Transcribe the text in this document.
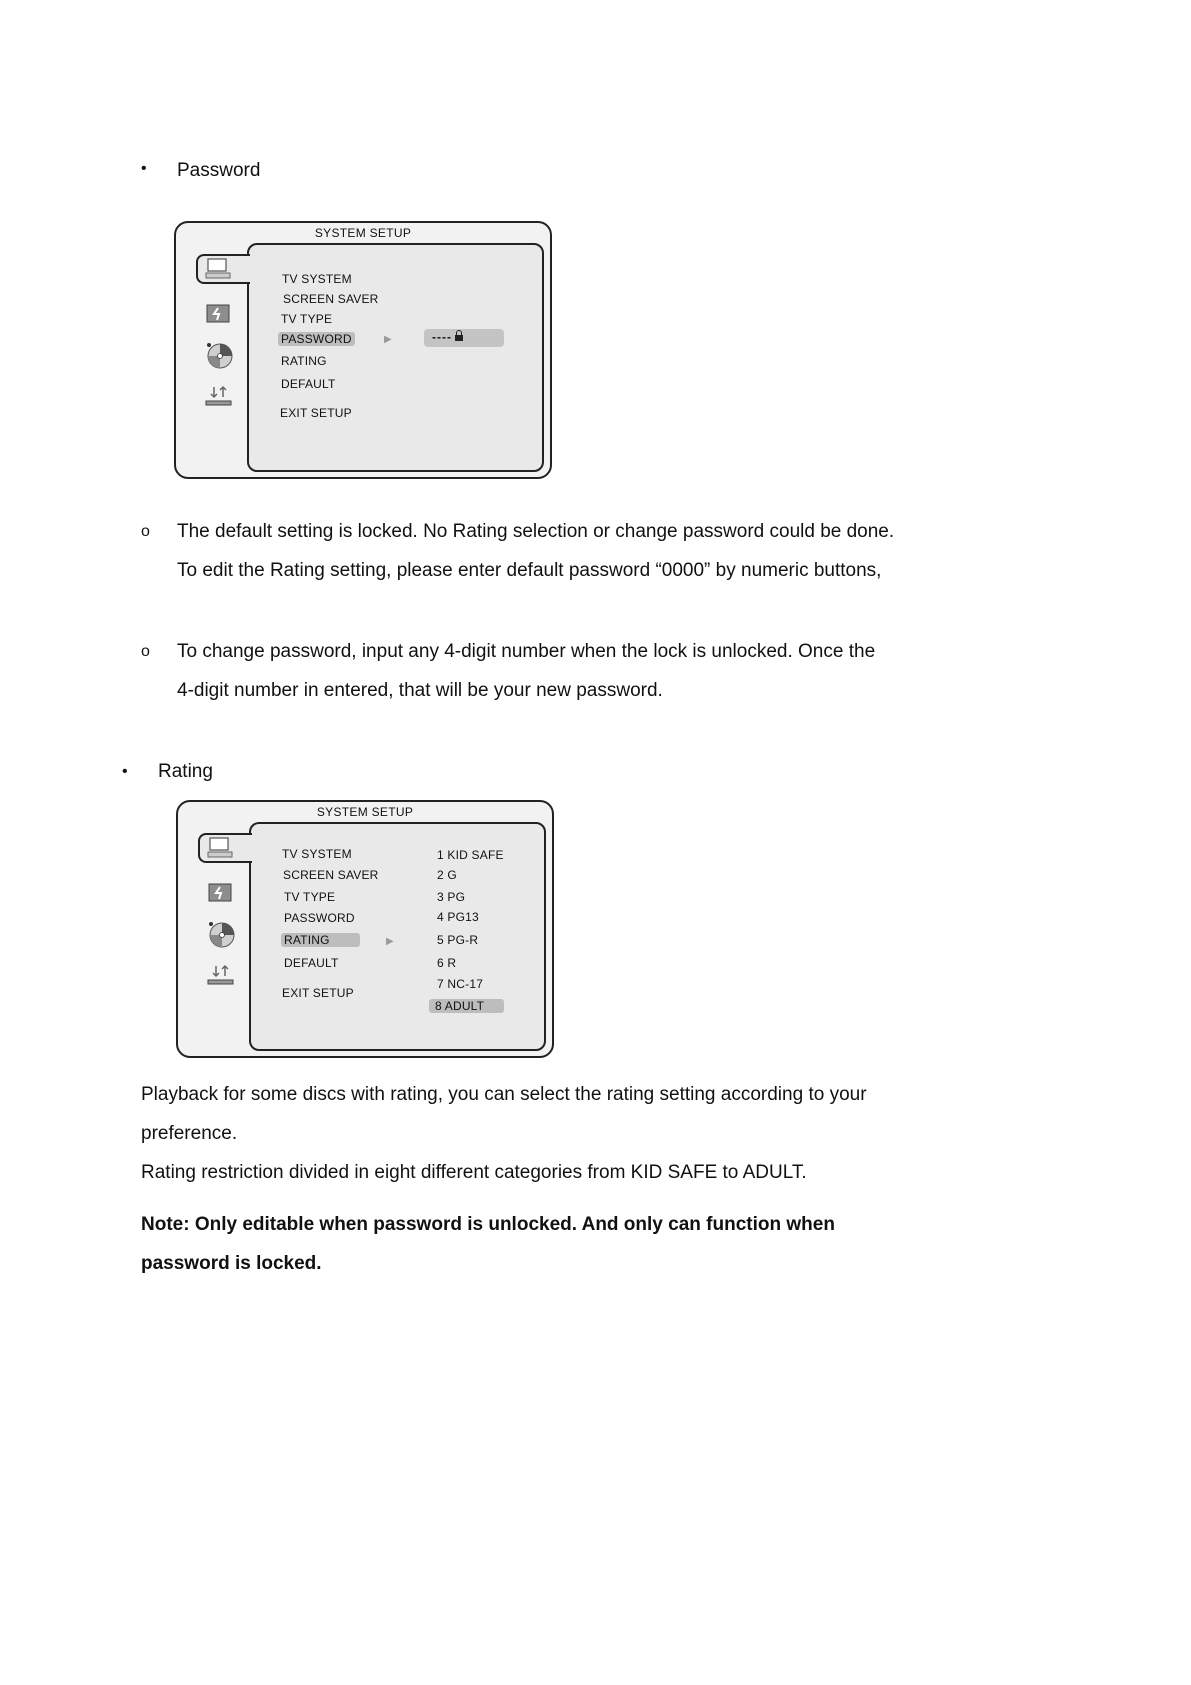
• Password
SYSTEM SETUP
TV SYSTEM
SCREEN SAVER
TV TYPE
PASSWORD
RATING
DEFAULT
EXIT SETUP
▶	----
o The default setting is locked. No Rating selection or change password could be done.
To edit the Rating setting, please enter default password “0000” by numeric buttons,
o To change password, input any 4-digit number when the lock is unlocked. Once the
4-digit number in entered, that will be your new password.
• Rating
SYSTEM SETUP
TV SYSTEM
SCREEN SAVER
TV TYPE
PASSWORD
RATING
DEFAULT
EXIT SETUP
▶
1 KID SAFE
2 G
3 PG
4 PG13
5 PG-R
6 R
7 NC-17
8 ADULT
Playback for some discs with rating, you can select the rating setting according to your
preference.
Rating restriction divided in eight different categories from KID SAFE to ADULT.
Note: Only editable when password is unlocked. And only can function when
password is locked.
